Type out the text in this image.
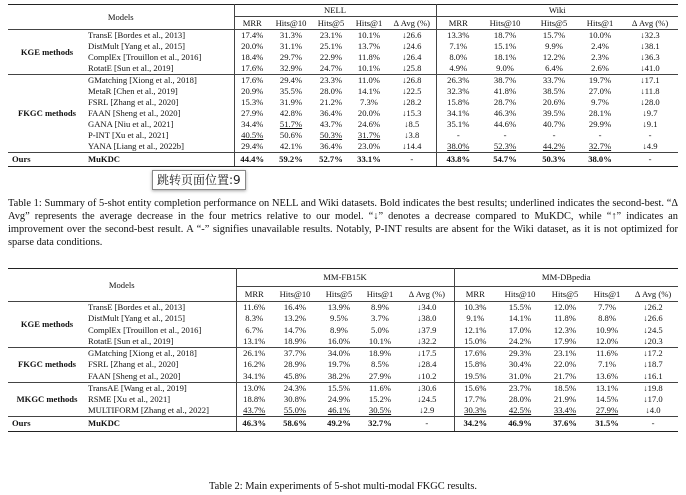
Models		NELL					Wiki				
		MRR	Hits@10	Hits@5	Hits@1	Δ Avg (%)	MRR	Hits@10	Hits@5	Hits@1	Δ Avg (%)
KGE methods	TransE [Bordes et al., 2013]	17.4%	31.3%	23.1%	10.1%	↓26.6	13.3%	18.7%	15.7%	10.0%	↓32.3
	DistMult [Yang et al., 2015]	20.0%	31.1%	25.1%	13.7%	↓24.6	7.1%	15.1%	9.9%	2.4%	↓38.1
	ComplEx [Trouillon et al., 2016]	18.4%	29.7%	22.9%	11.8%	↓26.4	8.0%	18.1%	12.2%	2.3%	↓36.3
	RotatE [Sun et al., 2019]	17.6%	32.9%	24.7%	10.1%	↓25.8	4.9%	9.0%	6.4%	2.6%	↓41.0
FKGC methods	GMatching [Xiong et al., 2018]	17.6%	29.4%	23.3%	11.0%	↓26.8	26.3%	38.7%	33.7%	19.7%	↓17.1
	MetaR [Chen et al., 2019]	20.9%	35.5%	28.0%	14.1%	↓22.5	32.3%	41.8%	38.5%	27.0%	↓11.8
	FSRL [Zhang et al., 2020]	15.3%	31.9%	21.2%	7.3%	↓28.2	15.8%	28.7%	20.6%	9.7%	↓28.0
	FAAN [Sheng et al., 2020]	27.9%	42.8%	36.4%	20.0%	↓15.3	34.1%	46.3%	39.5%	28.1%	↓9.7
	GANA [Niu et al., 2021]	34.4%	51.7%	43.7%	24.6%	↓8.5	35.1%	44.6%	40.7%	29.9%	↓9.1
	P-INT [Xu et al., 2021]	40.5%	50.6%	50.3%	31.7%	↓3.8	-	-	-	-	-
	YANA [Liang et al., 2022b]	29.4%	42.1%	36.4%	23.0%	↓14.4	38.0%	52.3%	44.2%	32.7%	↓4.9
Ours	MuKDC	44.4%	59.2%	52.7%	33.1%	-	43.8%	54.7%	50.3%	38.0%	-
跳转页面位置:9
Table 1: Summary of 5-shot entity completion performance on NELL and Wiki datasets. Bold indicates the best results; underlined indicates the second-best. “Δ Avg” represents the average decrease in the four metrics relative to our model. “↓” denotes a decrease compared to MuKDC, while “↑” indicates an improvement over the second-best result. A “-” signifies unavailable results. Notably, P-INT results are absent for the Wiki dataset, as it is not optimized for sparse data conditions.
Models		MM-FB15K					MM-DBpedia				
		MRR	Hits@10	Hits@5	Hits@1	Δ Avg (%)	MRR	Hits@10	Hits@5	Hits@1	Δ Avg (%)
KGE methods	TransE [Bordes et al., 2013]	11.6%	16.4%	13.9%	8.9%	↓34.0	10.3%	15.5%	12.0%	7.7%	↓26.2
	DistMult [Yang et al., 2015]	8.3%	13.2%	9.5%	3.7%	↓38.0	9.1%	14.1%	11.8%	8.8%	↓26.6
	ComplEx [Trouillon et al., 2016]	6.7%	14.7%	8.9%	5.0%	↓37.9	12.1%	17.0%	12.3%	10.9%	↓24.5
	RotatE [Sun et al., 2019]	13.1%	18.9%	16.0%	10.1%	↓32.2	15.0%	24.2%	17.9%	12.0%	↓20.3
FKGC methods	GMatching [Xiong et al., 2018]	26.1%	37.7%	34.0%	18.9%	↓17.5	17.6%	29.3%	23.1%	11.6%	↓17.2
	FSRL [Zhang et al., 2020]	16.2%	28.9%	19.7%	8.5%	↓28.4	15.8%	30.4%	22.0%	7.1%	↓18.7
	FAAN [Sheng et al., 2020]	34.1%	45.8%	38.2%	27.9%	↓10.2	19.5%	31.0%	21.7%	13.6%	↓16.1
MKGC methods	TransAE [Wang et al., 2019]	13.0%	24.3%	15.5%	11.6%	↓30.6	15.6%	23.7%	18.5%	13.1%	↓19.8
	RSME [Xu et al., 2021]	18.8%	30.8%	24.9%	15.2%	↓24.5	17.7%	28.0%	21.9%	14.5%	↓17.0
	MULTIFORM [Zhang et al., 2022]	43.7%	55.0%	46.1%	30.5%	↓2.9	30.3%	42.5%	33.4%	27.9%	↓4.0
Ours	MuKDC	46.3%	58.6%	49.2%	32.7%	-	34.2%	46.9%	37.6%	31.5%	-
Table 2: Main experiments of 5-shot multi-modal FKGC results.
